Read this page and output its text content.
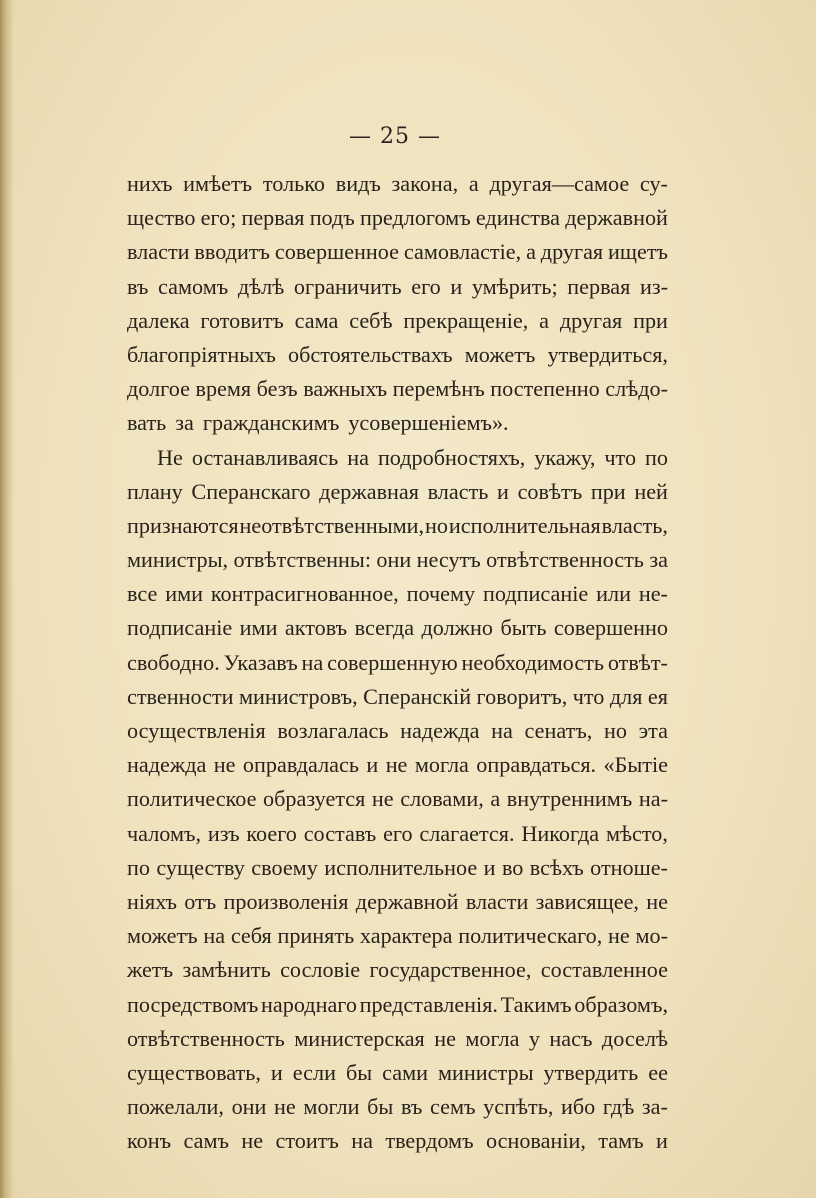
— 25 —
нихъ имѣетъ только видъ закона, а другая—самое су-
щество его; первая подъ предлогомъ единства державной
власти вводитъ совершенное самовластіе, а другая ищетъ
въ самомъ дѣлѣ ограничить его и умѣрить; первая из-
далека готовитъ сама себѣ прекращеніе, а другая при
благопріятныхъ обстоятельствахъ можетъ утвердиться,
долгое время безъ важныхъ перемѣнъ постепенно слѣдо-
вать за гражданскимъ усовершеніемъ».
Не останавливаясь на подробностяхъ, укажу, что по
плану Сперанскаго державная власть и совѣтъ при ней
признаются неотвѣтственными, но исполнительная власть,
министры, отвѣтственны: они несутъ отвѣтственность за
все ими контрасигнованное, почему подписаніе или не-
подписаніе ими актовъ всегда должно быть совершенно
свободно. Указавъ на совершенную необходимость отвѣт-
ственности министровъ, Сперанскій говоритъ, что для ея
осуществленія возлагалась надежда на сенатъ, но эта
надежда не оправдалась и не могла оправдаться. «Бытіе
политическое образуется не словами, а внутреннимъ на-
чаломъ, изъ коего составъ его слагается. Никогда мѣсто,
по существу своему исполнительное и во всѣхъ отноше-
ніяхъ отъ произволенія державной власти зависящее, не
можетъ на себя принять характера политическаго, не мо-
жетъ замѣнить сословіе государственное, составленное
посредствомъ народнаго представленія. Такимъ образомъ,
отвѣтственность министерская не могла у насъ доселѣ
существовать, и если бы сами министры утвердить ее
пожелали, они не могли бы въ семъ успѣть, ибо гдѣ за-
конъ самъ не стоитъ на твердомъ основаніи, тамъ и
